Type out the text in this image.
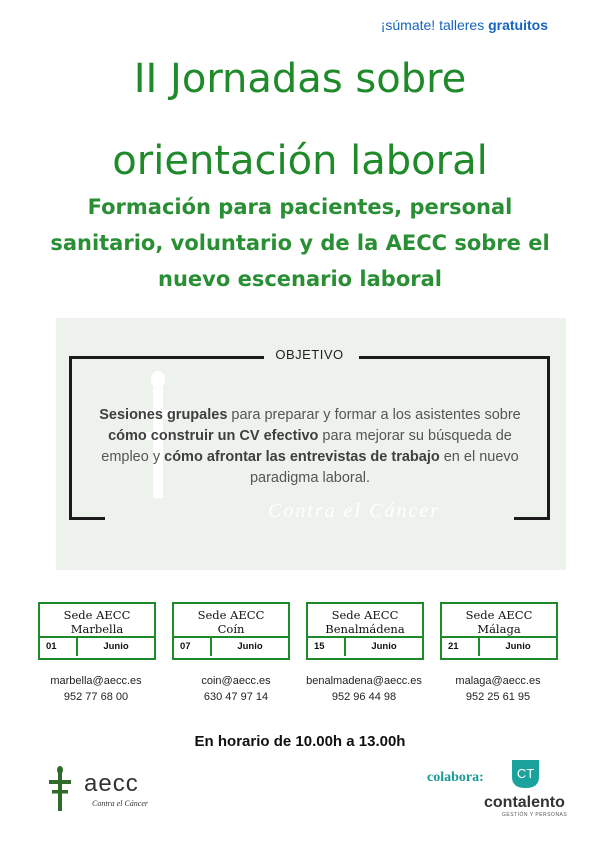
¡súmate! talleres gratuitos
II Jornadas sobre
orientación laboral
Formación para pacientes, personal
sanitario, voluntario y de la AECC sobre el
nuevo escenario laboral
Contra el Cáncer
OBJETIVO
Sesiones grupales para preparar y formar a los asistentes sobre cómo construir un CV efectivo para mejorar su búsqueda de empleo y cómo afrontar las entrevistas de trabajo en el nuevo paradigma laboral.
Sede AECC
Marbella
01	Junio
Sede AECC
Coín
07	Junio
Sede AECC
Benalmádena
15	Junio
Sede AECC
Málaga
21	Junio
marbella@aecc.es
952 77 68 00
coin@aecc.es
630 47 97 14
benalmadena@aecc.es
952 96 44 98
malaga@aecc.es
952 25 61 95
En horario de 10.00h a 13.00h
aecc
Contra el Cáncer
colabora:	CT
contalento
GESTIÓN Y PERSONAS
